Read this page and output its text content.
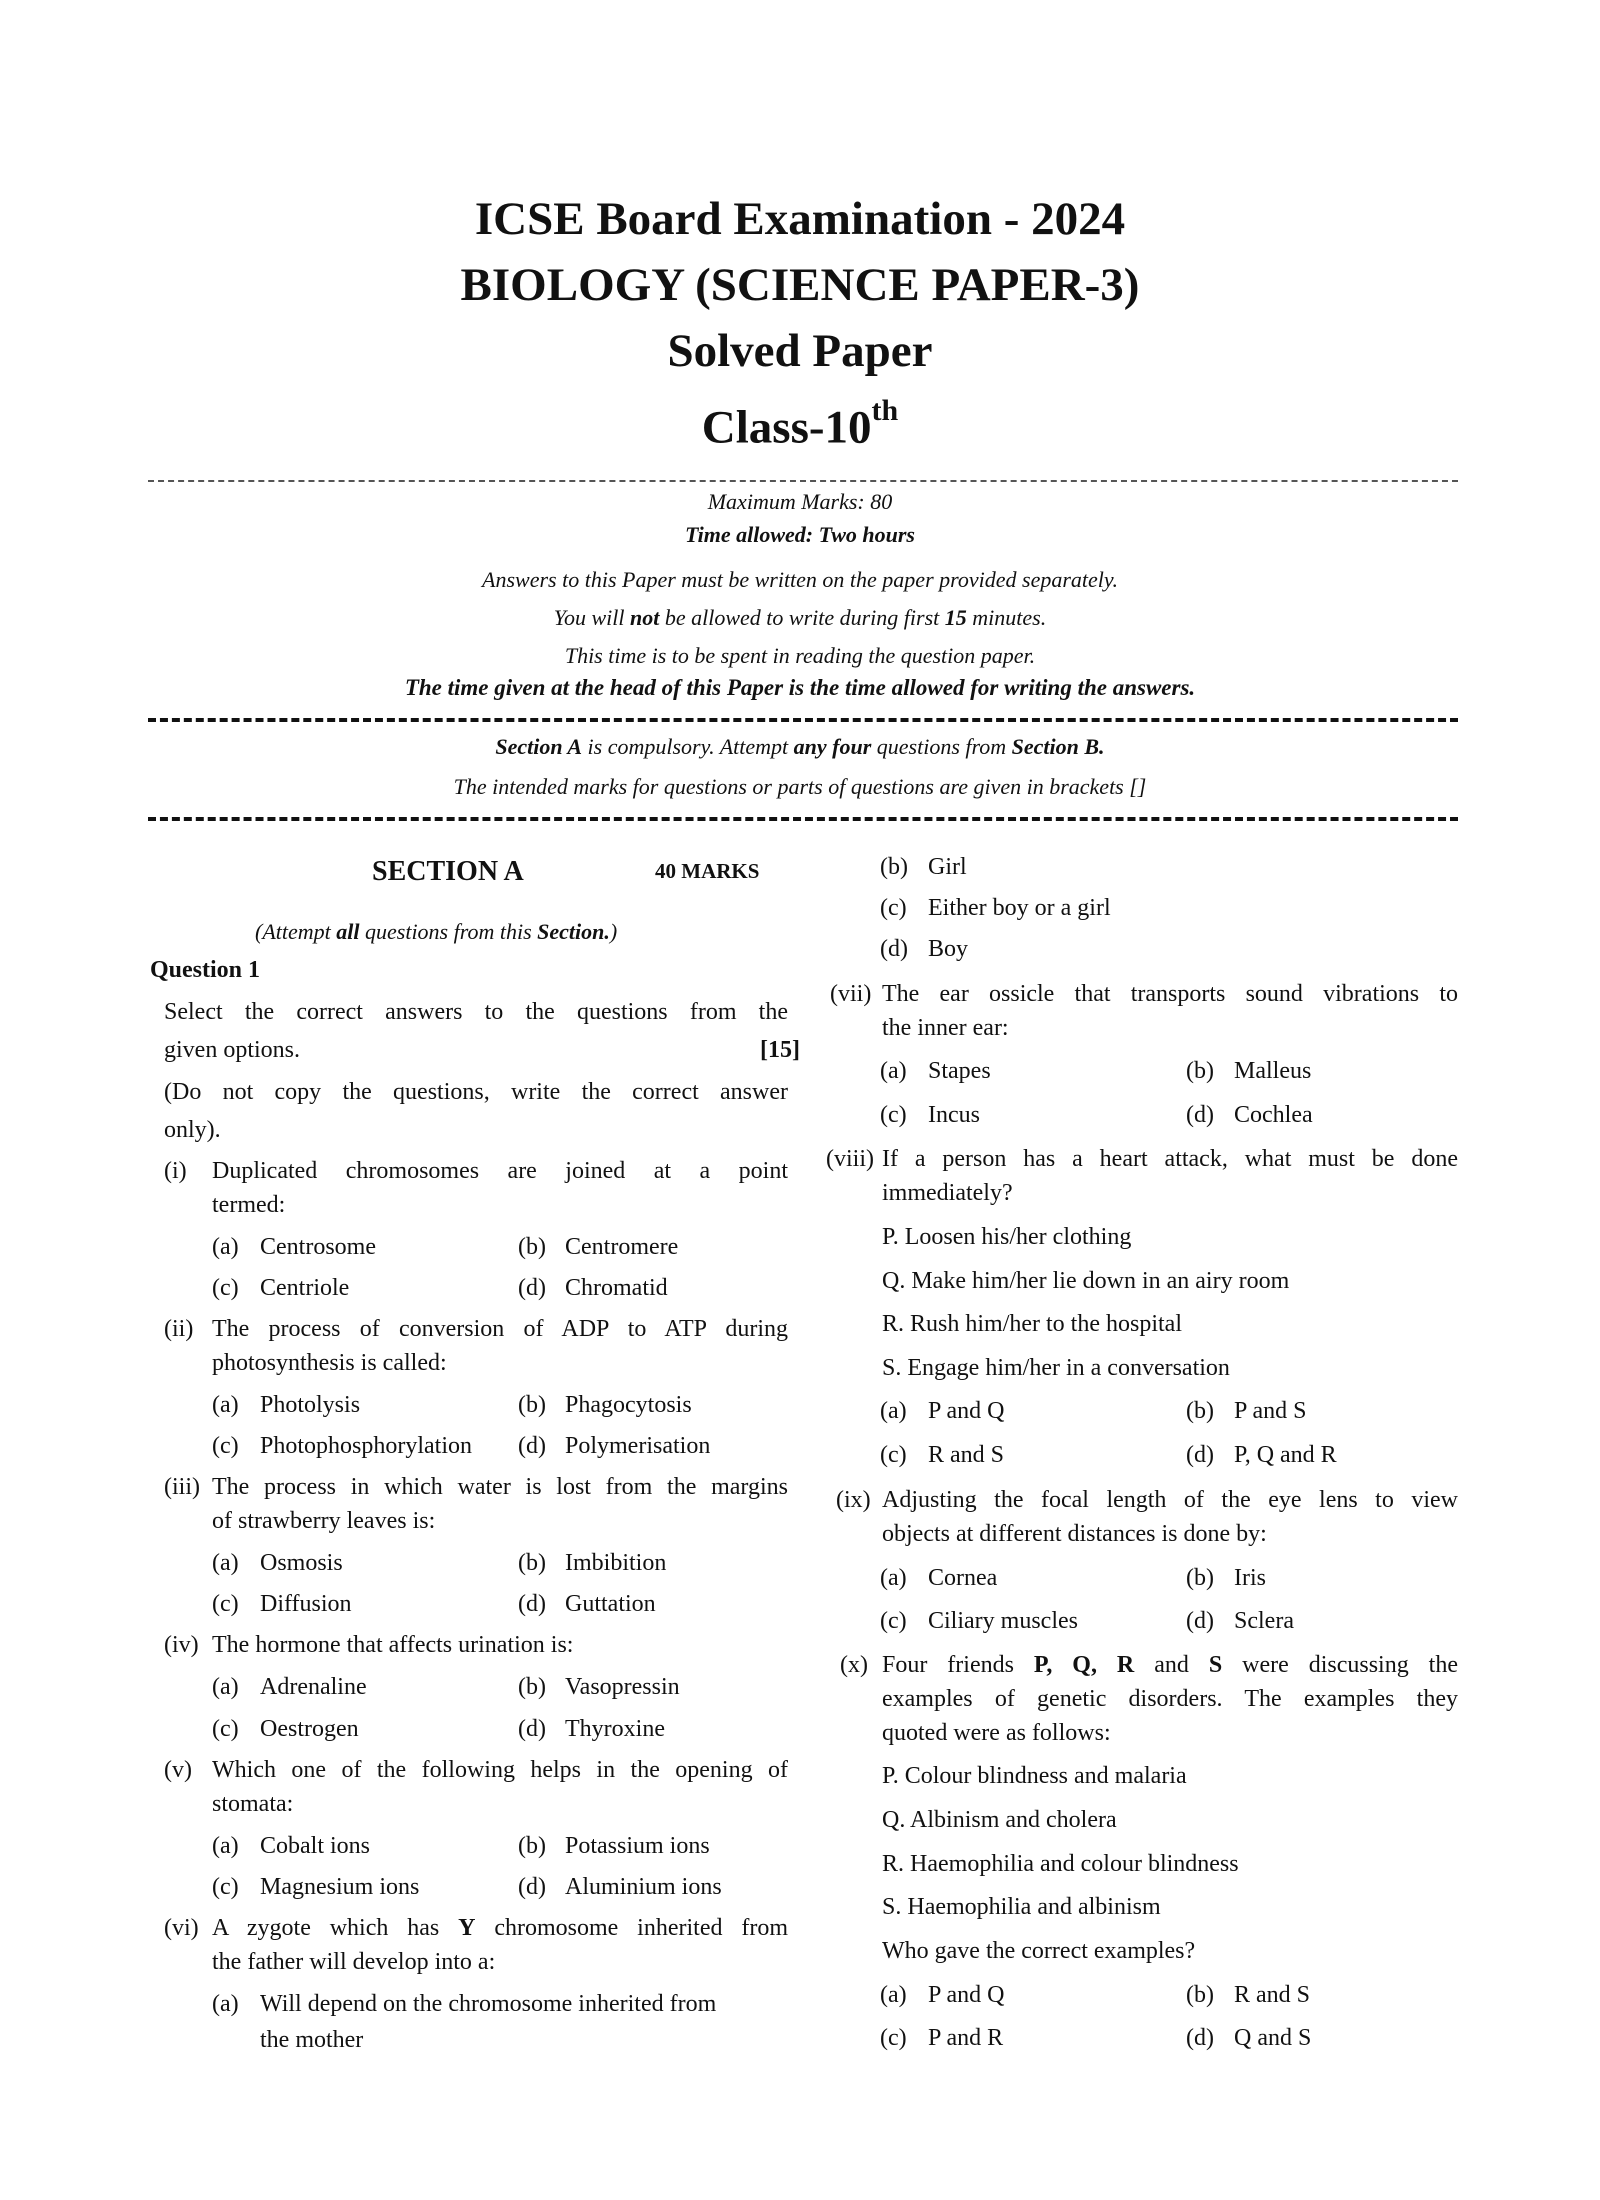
ICSE Board Examination - 2024
BIOLOGY (SCIENCE PAPER-3)
Solved Paper
Class-10th
Maximum Marks: 80
Time allowed: Two hours
Answers to this Paper must be written on the paper provided separately.
You will not be allowed to write during first 15 minutes.
This time is to be spent in reading the question paper.
The time given at the head of this Paper is the time allowed for writing the answers.
Section A is compulsory. Attempt any four questions from Section B.
The intended marks for questions or parts of questions are given in brackets []
SECTION A	40 MARKS
(Attempt all questions from this Section.)
Question 1
Select the correct answers to the questions from the
given options.	[15]
(Do not copy the questions, write the correct answer
only).
(i) Duplicated chromosomes are joined at a point
termed:
(a) Centrosome	(b) Centromere
(c) Centriole	(d) Chromatid
(ii) The process of conversion of ADP to ATP during
photosynthesis is called:
(a) Photolysis	(b) Phagocytosis
(c) Photophosphorylation (d) Polymerisation
(iii) The process in which water is lost from the margins
of strawberry leaves is:
(a) Osmosis	(b) Imbibition
(c) Diffusion	(d) Guttation
(iv) The hormone that affects urination is:
(a) Adrenaline	(b) Vasopressin
(c) Oestrogen	(d) Thyroxine
(v) Which one of the following helps in the opening of
stomata:
(a) Cobalt ions	(b) Potassium ions
(c) Magnesium ions	(d) Aluminium ions
(vi) A zygote which has Y chromosome inherited from
the father will develop into a:
(a) Will depend on the chromosome inherited from
the mother
(b) Girl
(c) Either boy or a girl
(d) Boy
(vii) The ear ossicle that transports sound vibrations to
the inner ear:
(a) Stapes	(b) Malleus
(c) Incus	(d) Cochlea
(viii) If a person has a heart attack, what must be done
immediately?
P. Loosen his/her clothing
Q. Make him/her lie down in an airy room
R. Rush him/her to the hospital
S. Engage him/her in a conversation
(a) P and Q	(b) P and S
(c) R and S	(d) P, Q and R
(ix) Adjusting the focal length of the eye lens to view
objects at different distances is done by:
(a) Cornea	(b) Iris
(c) Ciliary muscles	(d) Sclera
(x) Four friends P, Q, R and S were discussing the
examples of genetic disorders. The examples they
quoted were as follows:
P. Colour blindness and malaria
Q. Albinism and cholera
R. Haemophilia and colour blindness
S. Haemophilia and albinism
Who gave the correct examples?
(a) P and Q	(b) R and S
(c) P and R	(d) Q and S
